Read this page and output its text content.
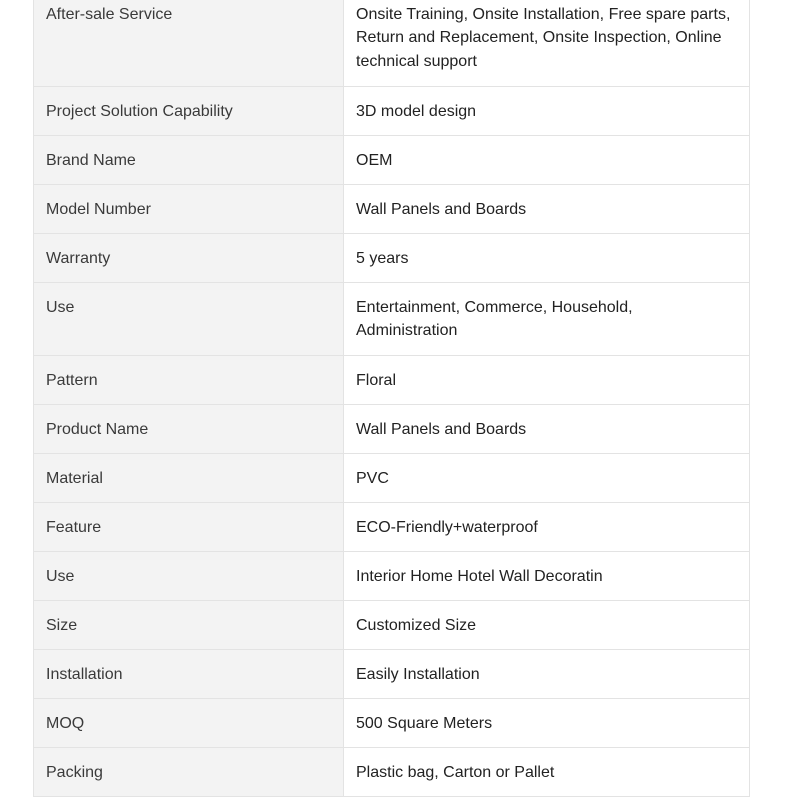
After-sale Service	Onsite Training, Onsite Installation, Free spare parts, Return and Replacement, Onsite Inspection, Online technical support
Project Solution Capability	3D model design
Brand Name	OEM
Model Number	Wall Panels and Boards
Warranty	5 years
Use	Entertainment, Commerce, Household, Administration
Pattern	Floral
Product Name	Wall Panels and Boards
Material	PVC
Feature	ECO-Friendly+waterproof
Use	Interior Home Hotel Wall Decoratin
Size	Customized Size
Installation	Easily Installation
MOQ	500 Square Meters
Packing	Plastic bag, Carton or Pallet
